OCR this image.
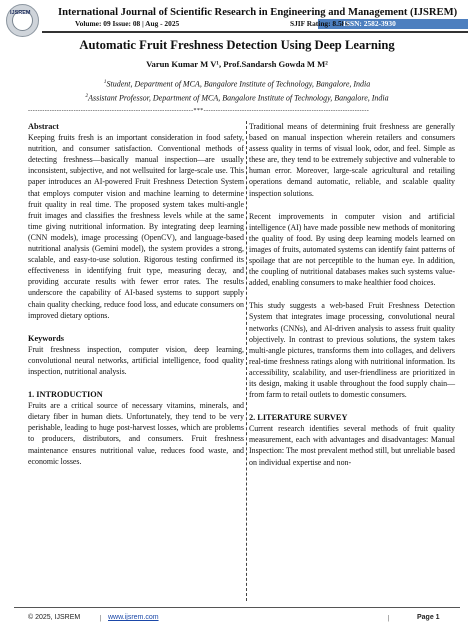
IJSREM	International Journal of Scientific Research in Engineering and Management (IJSREM)
Volume: 09 Issue: 08 | Aug - 2025	SJIF Rating: 8.586
ISSN: 2582-3930
Automatic Fruit Freshness Detection Using Deep Learning
Varun Kumar M V¹, Prof.Sandarsh Gowda M M²
$^1$Student, Department of MCA, Bangalore Institute of Technology, Bangalore, India
$^2$Assistant Professor, Department of MCA, Bangalore Institute of Technology, Bangalore, India
---------------------------------------------------------------------***---------------------------------------------------------------------

Abstract

Keeping fruits fresh is an important consideration in food safety, nutrition, and consumer satisfaction. Conventional methods of detecting freshness—basically manual inspection—are usually inconsistent, subjective, and not wellsuited for large-scale use. This paper introduces an AI-powered Fruit Freshness Detection System that employs computer vision and machine learning to determine fruit quality in real time. The proposed system takes multi-angle fruit images and classifies the freshness levels while at the same time giving nutritional information. By integrating deep learning (CNN models), image processing (OpenCV), and language-based nutritional analysis (Gemini model), the system provides a strong, scalable, and easy-to-use solution. Rigorous testing confirmed its effectiveness in identifying fruit type, measuring decay, and providing accurate results with fewer error rates. The results underscore the capability of AI-based systems to support supply chain quality checking, reduce food loss, and educate consumers on improved dietary options.

Keywords

Fruit freshness inspection, computer vision, deep learning, convolutional neural networks, artificial intelligence, food quality inspection, nutritional analysis.

1. INTRODUCTION

Fruits are a critical source of necessary vitamins, minerals, and dietary fiber in human diets. Unfortunately, they tend to be very perishable, leading to huge post-harvest losses, which are problems to producers, distributors, and consumers. Fruit freshness maintenance ensures nutritional value, reduces food waste, and economic losses.

Traditional means of determining fruit freshness are generally based on manual inspection wherein retailers and consumers assess quality in terms of visual look, odor, and feel. Simple as these are, they tend to be extremely subjective and vulnerable to human error. Moreover, large-scale agricultural and retailing operations demand automatic, reliable, and scalable quality inspection solutions.

Recent improvements in computer vision and artificial intelligence (AI) have made possible new methods of monitoring the quality of food. By using deep learning models learned on images of fruits, automated systems can identify faint patterns of spoilage that are not perceptible to the human eye. In addition, the coupling of nutritional databases makes such systems value-added, enabling consumers to make healthier food choices.

This study suggests a web-based Fruit Freshness Detection System that integrates image processing, convolutional neural networks (CNNs), and AI-driven analysis to assess fruit quality objectively. In contrast to previous solutions, the system takes multi-angle pictures, transforms them into collages, and delivers real-time freshness ratings along with nutritional information. Its accessibility, scalability, and user-friendliness are prioritized in its design, making it usable throughout the food supply chain—from farm to retail outlets to domestic consumers.

2. LITERATURE SURVEY

Current research identifies several methods of fruit quality measurement, each with advantages and disadvantages: Manual Inspection: The most prevalent method still, but unreliable based on individual expertise and non-

© 2025, IJSREM	| www.ijsrem.com	|	Page 1
